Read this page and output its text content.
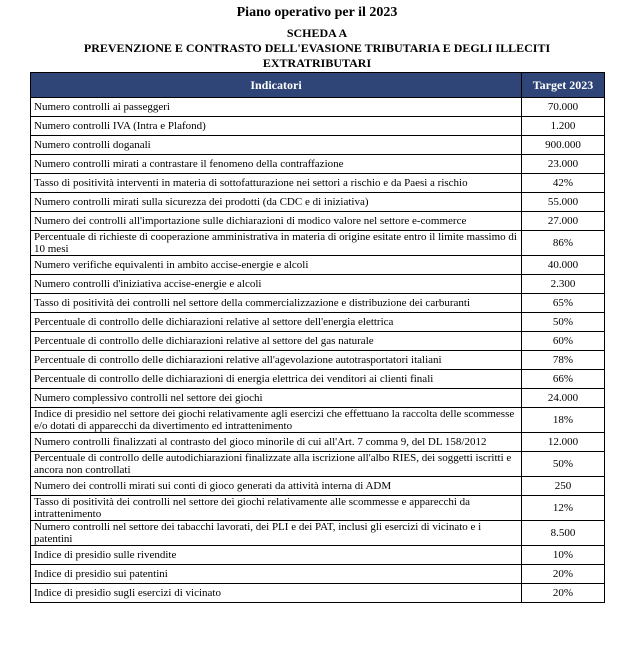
Piano operativo per il 2023
SCHEDA A
PREVENZIONE E CONTRASTO DELL'EVASIONE TRIBUTARIA E DEGLI ILLECITI
EXTRATRIBUTARI
Indicatori	Target 2023
Numero controlli ai passeggeri	70.000
Numero controlli IVA (Intra e Plafond)	1.200
Numero controlli doganali	900.000
Numero controlli mirati a contrastare il fenomeno della contraffazione	23.000
Tasso di positività interventi in materia di sottofatturazione nei settori a rischio e da Paesi a rischio	42%
Numero controlli mirati sulla sicurezza dei prodotti (da CDC e di iniziativa)	55.000
Numero dei controlli all'importazione sulle dichiarazioni di modico valore nel settore e-commerce	27.000
Percentuale di richieste di cooperazione amministrativa in materia di origine esitate entro il limite massimo di 10 mesi	86%
Numero verifiche equivalenti in ambito accise-energie e alcoli	40.000
Numero controlli d'iniziativa accise-energie e alcoli	2.300
Tasso di positività dei controlli nel settore della commercializzazione e distribuzione dei carburanti	65%
Percentuale di controllo delle dichiarazioni relative al settore dell'energia elettrica	50%
Percentuale di controllo delle dichiarazioni relative al settore del gas naturale	60%
Percentuale di controllo delle dichiarazioni relative all'agevolazione autotrasportatori italiani	78%
Percentuale di controllo delle dichiarazioni di energia elettrica dei venditori ai clienti finali	66%
Numero complessivo controlli nel settore dei giochi	24.000
Indice di presidio nel settore dei giochi relativamente agli esercizi che effettuano la raccolta delle scommesse e/o dotati di apparecchi da divertimento ed intrattenimento	18%
Numero controlli finalizzati al contrasto del gioco minorile di cui all'Art. 7 comma 9, del DL 158/2012	12.000
Percentuale di controllo delle autodichiarazioni finalizzate alla iscrizione all'albo RIES, dei soggetti iscritti e ancora non controllati	50%
Numero dei controlli mirati sui conti di gioco generati da attività interna di ADM	250
Tasso di positività dei controlli nel settore dei giochi relativamente alle scommesse e apparecchi da intrattenimento	12%
Numero controlli nel settore dei tabacchi lavorati, dei PLI e dei PAT, inclusi gli esercizi di vicinato e i patentini	8.500
Indice di presidio sulle rivendite	10%
Indice di presidio sui patentini	20%
Indice di presidio sugli esercizi di vicinato	20%
